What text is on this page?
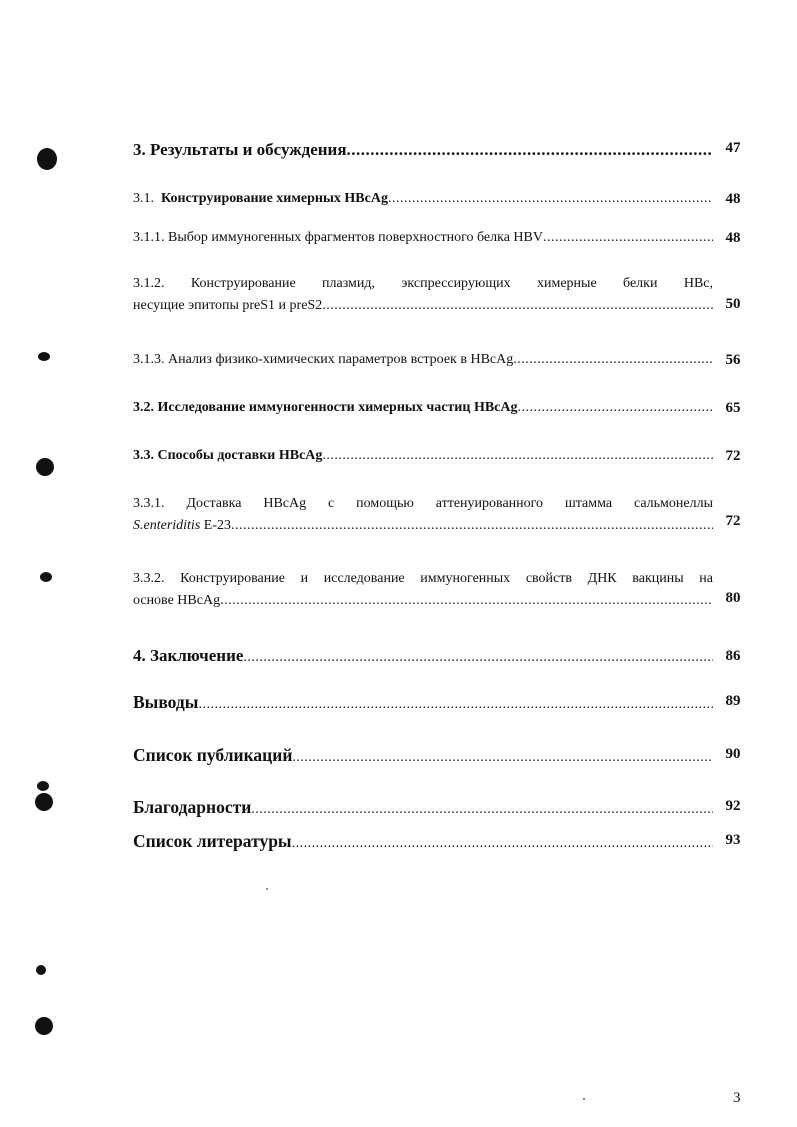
3. Результаты и обсуждения .....	47
3.1.
Конструирование химерных HBcAg .....	48
3.1.1. Выбор иммуногенных фрагментов поверхностного белка HBV .....	48
3.1.2. Конструирование плазмид, экспрессирующих химерные белки HBc,
несущие эпитопы preS1 и preS2 .....	50
3.1.3. Анализ физико-химических параметров встроек в HBcAg .....	56
3.2. Исследование иммуногенности химерных частиц HBcAg .....	65
3.3. Способы доставки HBcAg .....	72
3.3.1. Доставка HBcAg с помощью аттенуированного штамма сальмонеллы
S.enteriditis E-23 .....	72
3.3.2. Конструирование и исследование иммуногенных свойств ДНК вакцины на
основе HBcAg .....	80
4. Заключение .....	86
Выводы .....	89
Список публикаций .....	90
Благодарности .....	92
Список литературы .....	93
3
